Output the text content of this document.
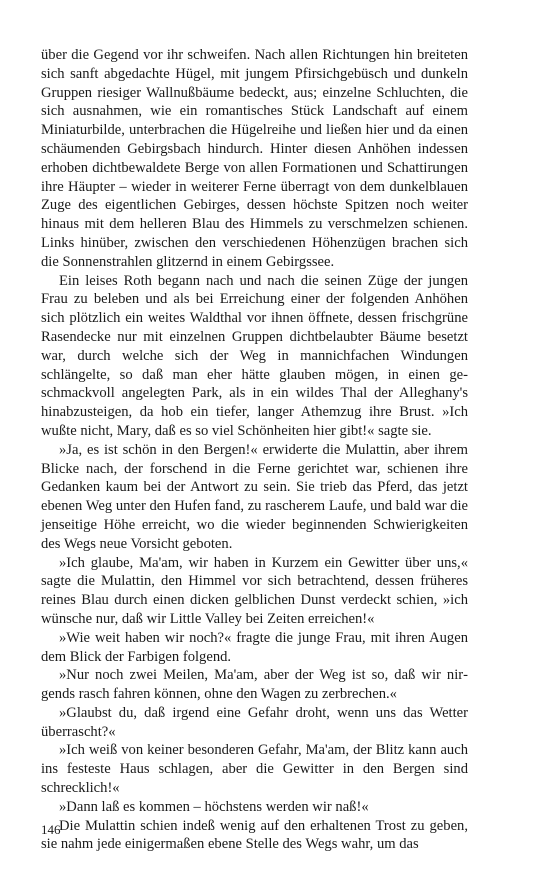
über die Gegend vor ihr schweifen. Nach allen Richtungen hin breiteten sich sanft abgedachte Hügel, mit jungem Pfirsichgebüsch und dunkeln Gruppen riesiger Wallnußbäume bedeckt, aus; einzelne Schluchten, die sich ausnahmen, wie ein romantisches Stück Landschaft auf einem Miniaturbilde, unterbrachen die Hügelreihe und ließen hier und da einen schäumenden Gebirgsbach hindurch. Hinter diesen Anhöhen indessen erhoben dichtbewaldete Berge von allen Formationen und Schattirungen ihre Häupter – wieder in weiterer Ferne überragt von dem dunkelblauen Zuge des eigentlichen Gebirges, dessen höchste Spitzen noch weiter hinaus mit dem helleren Blau des Himmels zu verschmelzen schienen. Links hinüber, zwischen den verschiedenen Höhenzügen brachen sich die Sonnenstrahlen glitzernd in einem Gebirgssee.

Ein leises Roth begann nach und nach die seinen Züge der jungen Frau zu beleben und als bei Erreichung einer der folgenden Anhöhen sich plötzlich ein weites Waldthal vor ihnen öffnete, dessen frischgrüne Rasendecke nur mit einzelnen Gruppen dichtbelaubter Bäume besetzt war, durch welche sich der Weg in mannichfachen Windungen schlängelte, so daß man eher hätte glauben mögen, in einen geschmackvoll angelegten Park, als in ein wildes Thal der Alleghany's hinabzusteigen, da hob ein tiefer, langer Athemzug ihre Brust. »Ich wußte nicht, Mary, daß es so viel Schönheiten hier gibt!« sagte sie.

»Ja, es ist schön in den Bergen!« erwiderte die Mulattin, aber ihrem Blicke nach, der forschend in die Ferne gerichtet war, schienen ihre Gedanken kaum bei der Antwort zu sein. Sie trieb das Pferd, das jetzt ebenen Weg unter den Hufen fand, zu rascherem Laufe, und bald war die jenseitige Höhe erreicht, wo die wieder beginnenden Schwierigkeiten des Wegs neue Vorsicht geboten.

»Ich glaube, Ma'am, wir haben in Kurzem ein Gewitter über uns,« sagte die Mulattin, den Himmel vor sich betrachtend, dessen früheres reines Blau durch einen dicken gelblichen Dunst verdeckt schien, »ich wünsche nur, daß wir Little Valley bei Zeiten erreichen!«

»Wie weit haben wir noch?« fragte die junge Frau, mit ihren Augen dem Blick der Farbigen folgend.

»Nur noch zwei Meilen, Ma'am, aber der Weg ist so, daß wir nirgends rasch fahren können, ohne den Wagen zu zerbrechen.«

»Glaubst du, daß irgend eine Gefahr droht, wenn uns das Wetter überrascht?«

»Ich weiß von keiner besonderen Gefahr, Ma'am, der Blitz kann auch ins festeste Haus schlagen, aber die Gewitter in den Bergen sind schrecklich!«

»Dann laß es kommen – höchstens werden wir naß!«

Die Mulattin schien indeß wenig auf den erhaltenen Trost zu geben, sie nahm jede einigermaßen ebene Stelle des Wegs wahr, um das

146
